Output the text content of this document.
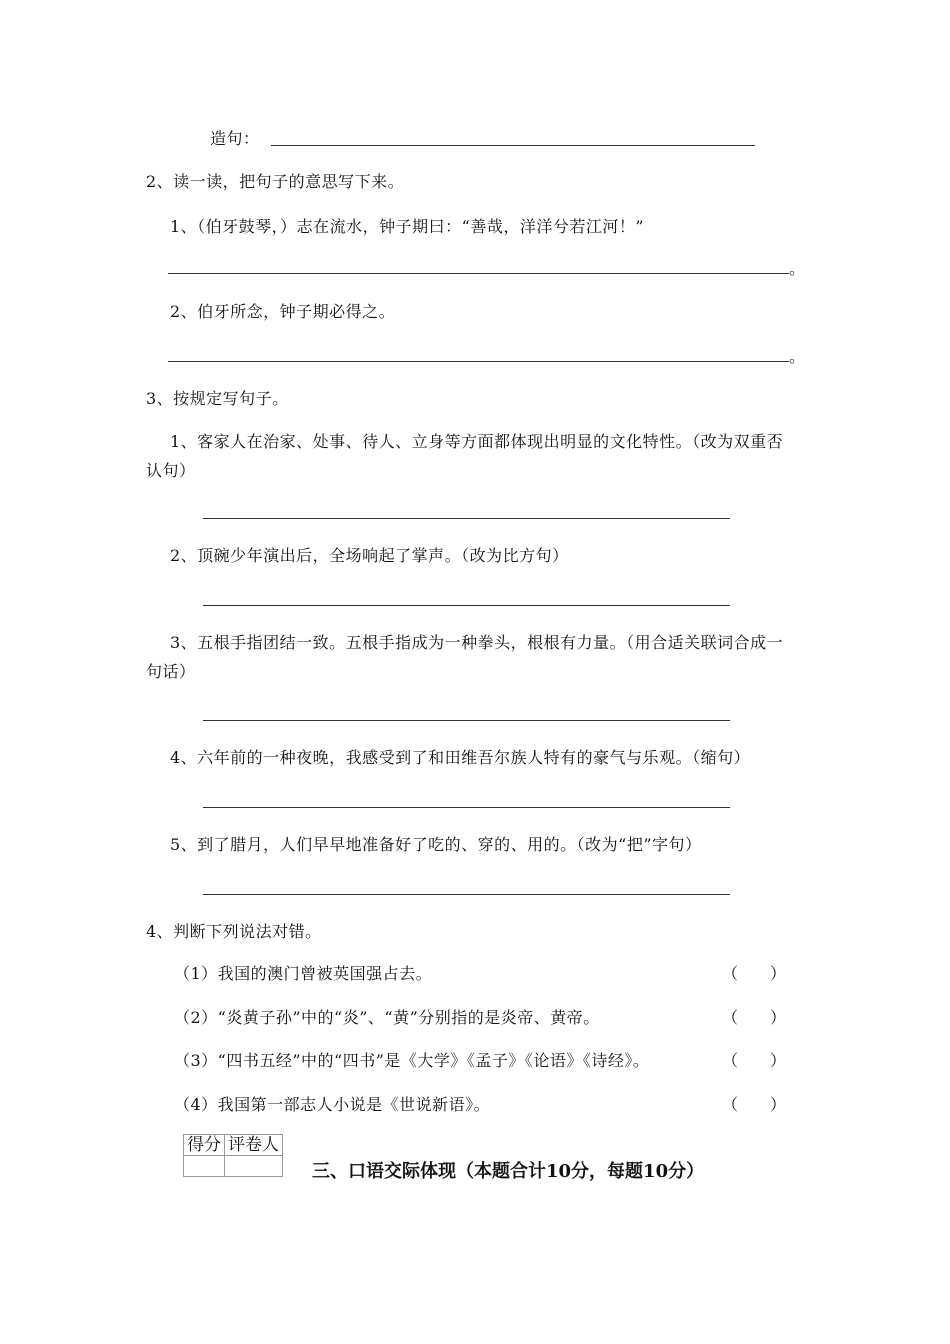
造句：
2、读一读，把句子的意思写下来。
1、（伯牙鼓琴，）志在流水，钟子期曰：“善哉，洋洋兮若江河！”
。
2、伯牙所念，钟子期必得之。
。
3、按规定写句子。
1、客家人在治家、处事、待人、立身等方面都体现出明显的文化特性。（改为双重否
认句）
2、顶碗少年演出后，全场响起了掌声。（改为比方句）
3、五根手指团结一致。五根手指成为一种拳头，根根有力量。（用合适关联词合成一
句话）
4、六年前的一种夜晚，我感受到了和田维吾尔族人特有的豪气与乐观。（缩句）
5、到了腊月，人们早早地准备好了吃的、穿的、用的。（改为“把”字句）
4、判断下列说法对错。
（1）我国的澳门曾被英国强占去。	（　　）
（2）“炎黄子孙”中的“炎”、“黄”分别指的是炎帝、黄帝。	（　　）
（3）“四书五经”中的“四书”是《大学》《孟子》《论语》《诗经》。	（　　）
（4）我国第一部志人小说是《世说新语》。	（　　）
得分	评卷人

三、口语交际体现（本题合计10分，每题10分）
